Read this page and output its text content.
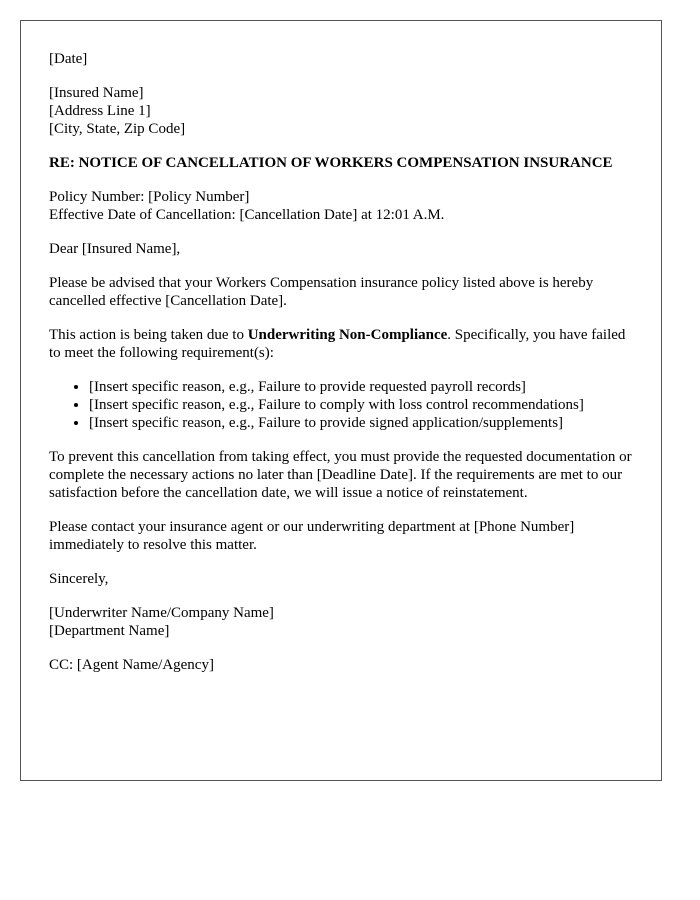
[Date]
[Insured Name]
[Address Line 1]
[City, State, Zip Code]
RE: NOTICE OF CANCELLATION OF WORKERS COMPENSATION INSURANCE
Policy Number: [Policy Number]
Effective Date of Cancellation: [Cancellation Date] at 12:01 A.M.

Dear [Insured Name],

Please be advised that your Workers Compensation insurance policy listed above is hereby cancelled effective [Cancellation Date].

This action is being taken due to Underwriting Non-Compliance. Specifically, you have failed to meet the following requirement(s):

• [Insert specific reason, e.g., Failure to provide requested payroll records]
• [Insert specific reason, e.g., Failure to comply with loss control recommendations]
• [Insert specific reason, e.g., Failure to provide signed application/supplements]

To prevent this cancellation from taking effect, you must provide the requested documentation or complete the necessary actions no later than [Deadline Date]. If the requirements are met to our satisfaction before the cancellation date, we will issue a notice of reinstatement.

Please contact your insurance agent or our underwriting department at [Phone Number] immediately to resolve this matter.

Sincerely,

[Underwriter Name/Company Name]
[Department Name]
CC: [Agent Name/Agency]
